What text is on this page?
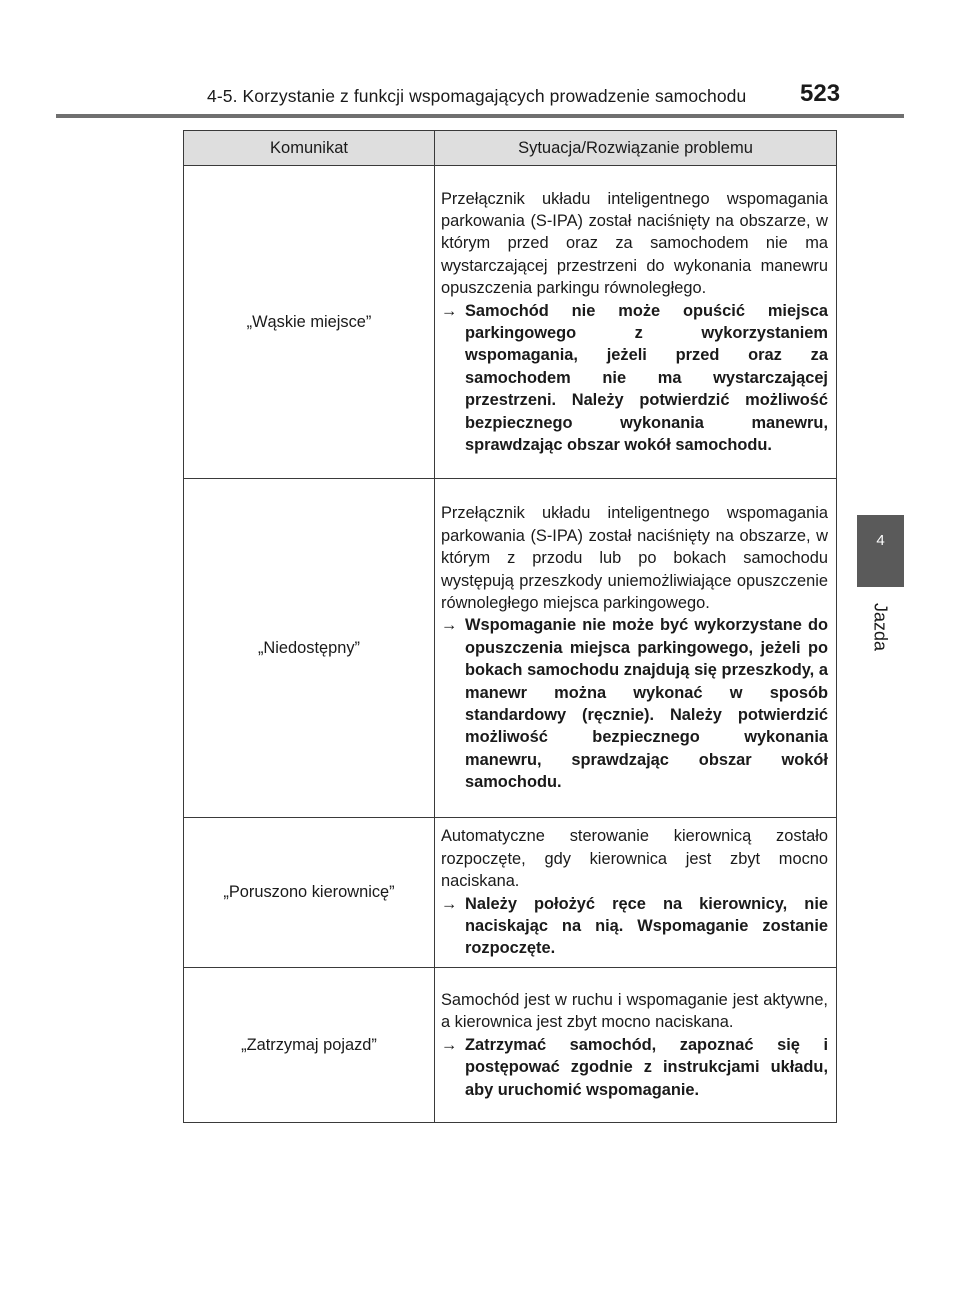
4-5. Korzystanie z funkcji wspomagających prowadzenie samochodu 523
4
Jazda
Komunikat	Sytuacja/Rozwiązanie problemu
„Wąskie miejsce”	Przełącznik układu inteligentnego wspomagania parkowania (S-IPA) został naciśnięty na obszarze, w którym przed oraz za samochodem nie ma wystarczającej przestrzeni do wykonania manewru opuszczenia parkingu równoległego.

→ Samochód nie może opuścić miejsca parkingowego z wykorzystaniem wspomagania, jeżeli przed oraz za samochodem nie ma wystarczającej przestrzeni. Należy potwierdzić możliwość bezpiecznego wykonania manewru, sprawdzając obszar wokół samochodu.

„Niedostępny”	Przełącznik układu inteligentnego wspomagania parkowania (S-IPA) został naciśnięty na obszarze, w którym z przodu lub po bokach samochodu występują przeszkody uniemożliwiające opuszczenie równoległego miejsca parkingowego.

→ Wspomaganie nie może być wykorzystane do opuszczenia miejsca parkingowego, jeżeli po bokach samochodu znajdują się przeszkody, a manewr można wykonać w sposób standardowy (ręcznie). Należy potwierdzić możliwość bezpiecznego wykonania manewru, sprawdzając obszar wokół samochodu.

„Poruszono kierownicę”	Automatyczne sterowanie kierownicą zostało rozpoczęte, gdy kierownica jest zbyt mocno naciskana.

→ Należy położyć ręce na kierownicy, nie naciskając na nią. Wspomaganie zostanie rozpoczęte.

„Zatrzymaj pojazd”	Samochód jest w ruchu i wspomaganie jest aktywne, a kierownica jest zbyt mocno naciskana.

→ Zatrzymać samochód, zapoznać się i postępować zgodnie z instrukcjami układu, aby uruchomić wspomaganie.
